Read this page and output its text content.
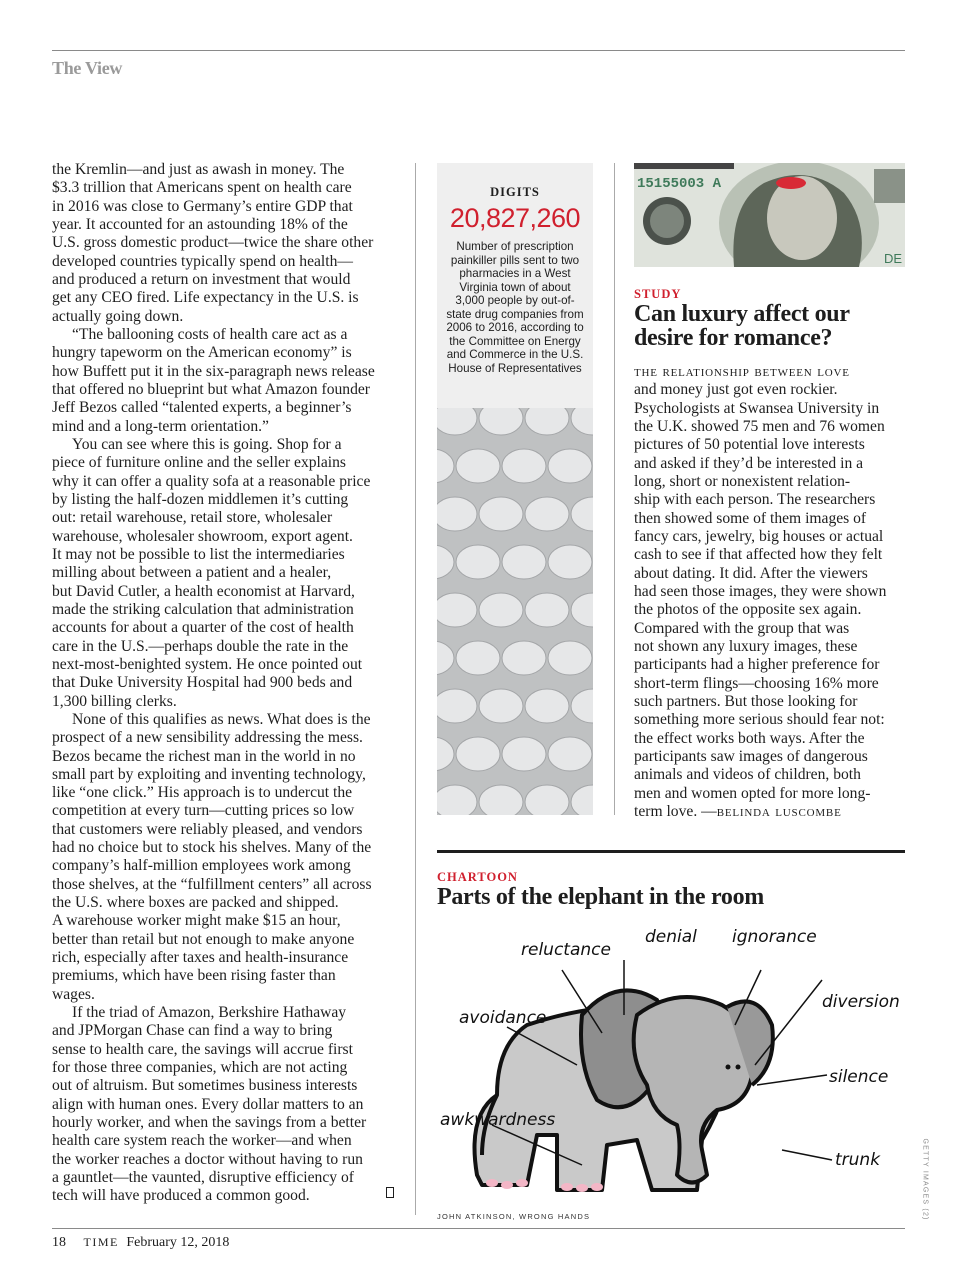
The View
the Kremlin—and just as awash in money. The
$3.3 trillion that Americans spent on health care
in 2016 was close to Germany’s entire GDP that
year. It accounted for an astounding 18% of the
U.S. gross domestic product—twice the share other
developed countries typically spend on health—
and produced a return on investment that would
get any CEO fired. Life expectancy in the U.S. is
actually going down.
“The ballooning costs of health care act as a
hungry tapeworm on the American economy” is
how Buffett put it in the six-paragraph news release
that offered no blueprint but what Amazon founder
Jeff Bezos called “talented experts, a beginner’s
mind and a long-term orientation.”
You can see where this is going. Shop for a
piece of furniture online and the seller explains
why it can offer a quality sofa at a reasonable price
by listing the half-dozen middlemen it’s cutting
out: retail warehouse, retail store, wholesaler
warehouse, wholesaler showroom, export agent.
It may not be possible to list the intermediaries
milling about between a patient and a healer,
but David Cutler, a health economist at Harvard,
made the striking calculation that administration
accounts for about a quarter of the cost of health
care in the U.S.—perhaps double the rate in the
next-most-benighted system. He once pointed out
that Duke University Hospital had 900 beds and
1,300 billing clerks.
None of this qualifies as news. What does is the
prospect of a new sensibility addressing the mess.
Bezos became the richest man in the world in no
small part by exploiting and inventing technology,
like “one click.” His approach is to undercut the
competition at every turn—cutting prices so low
that customers were reliably pleased, and vendors
had no choice but to stock his shelves. Many of the
company’s half-million employees work among
those shelves, at the “fulfillment centers” all across
the U.S. where boxes are packed and shipped.
A warehouse worker might make $15 an hour,
better than retail but not enough to make anyone
rich, especially after taxes and health-insurance
premiums, which have been rising faster than
wages.
If the triad of Amazon, Berkshire Hathaway
and JPMorgan Chase can find a way to bring
sense to health care, the savings will accrue first
for those three companies, which are not acting
out of altruism. But sometimes business interests
align with human ones. Every dollar matters to an
hourly worker, and when the savings from a better
health care system reach the worker—and when
the worker reaches a doctor without having to run
a gauntlet—the vaunted, disruptive efficiency of
tech will have produced a common good.
DIGITS
20,827,260
Number of prescription painkiller pills sent to two pharmacies in a West Virginia town of about 3,000 people by out-of-state drug companies from 2006 to 2016, according to the Committee on Energy and Commerce in the U.S. House of Representatives
15155003 A
DE
STUDY
Can luxury affect our
desire for romance?
the relationship between love
and money just got even rockier.
Psychologists at Swansea University in
the U.K. showed 75 men and 76 women
pictures of 50 potential love interests
and asked if they’d be interested in a
long, short or nonexistent relation-
ship with each person. The researchers
then showed some of them images of
fancy cars, jewelry, big houses or actual
cash to see if that affected how they felt
about dating. It did. After the viewers
had seen those images, they were shown
the photos of the opposite sex again.
Compared with the group that was
not shown any luxury images, these
participants had a higher preference for
short-term flings—choosing 16% more
such partners. But those looking for
something more serious should fear not:
the effect works both ways. After the
participants saw images of dangerous
animals and videos of children, both
men and women opted for more long-
term love. —belinda luscombe
CHARTOON
Parts of the elephant in the room
denial ignorance
reluctance
avoidance
diversion
silence
awkwardness
trunk
JOHN ATKINSON, WRONG HANDS	GETTY IMAGES (2)
18 TIME February 12, 2018
